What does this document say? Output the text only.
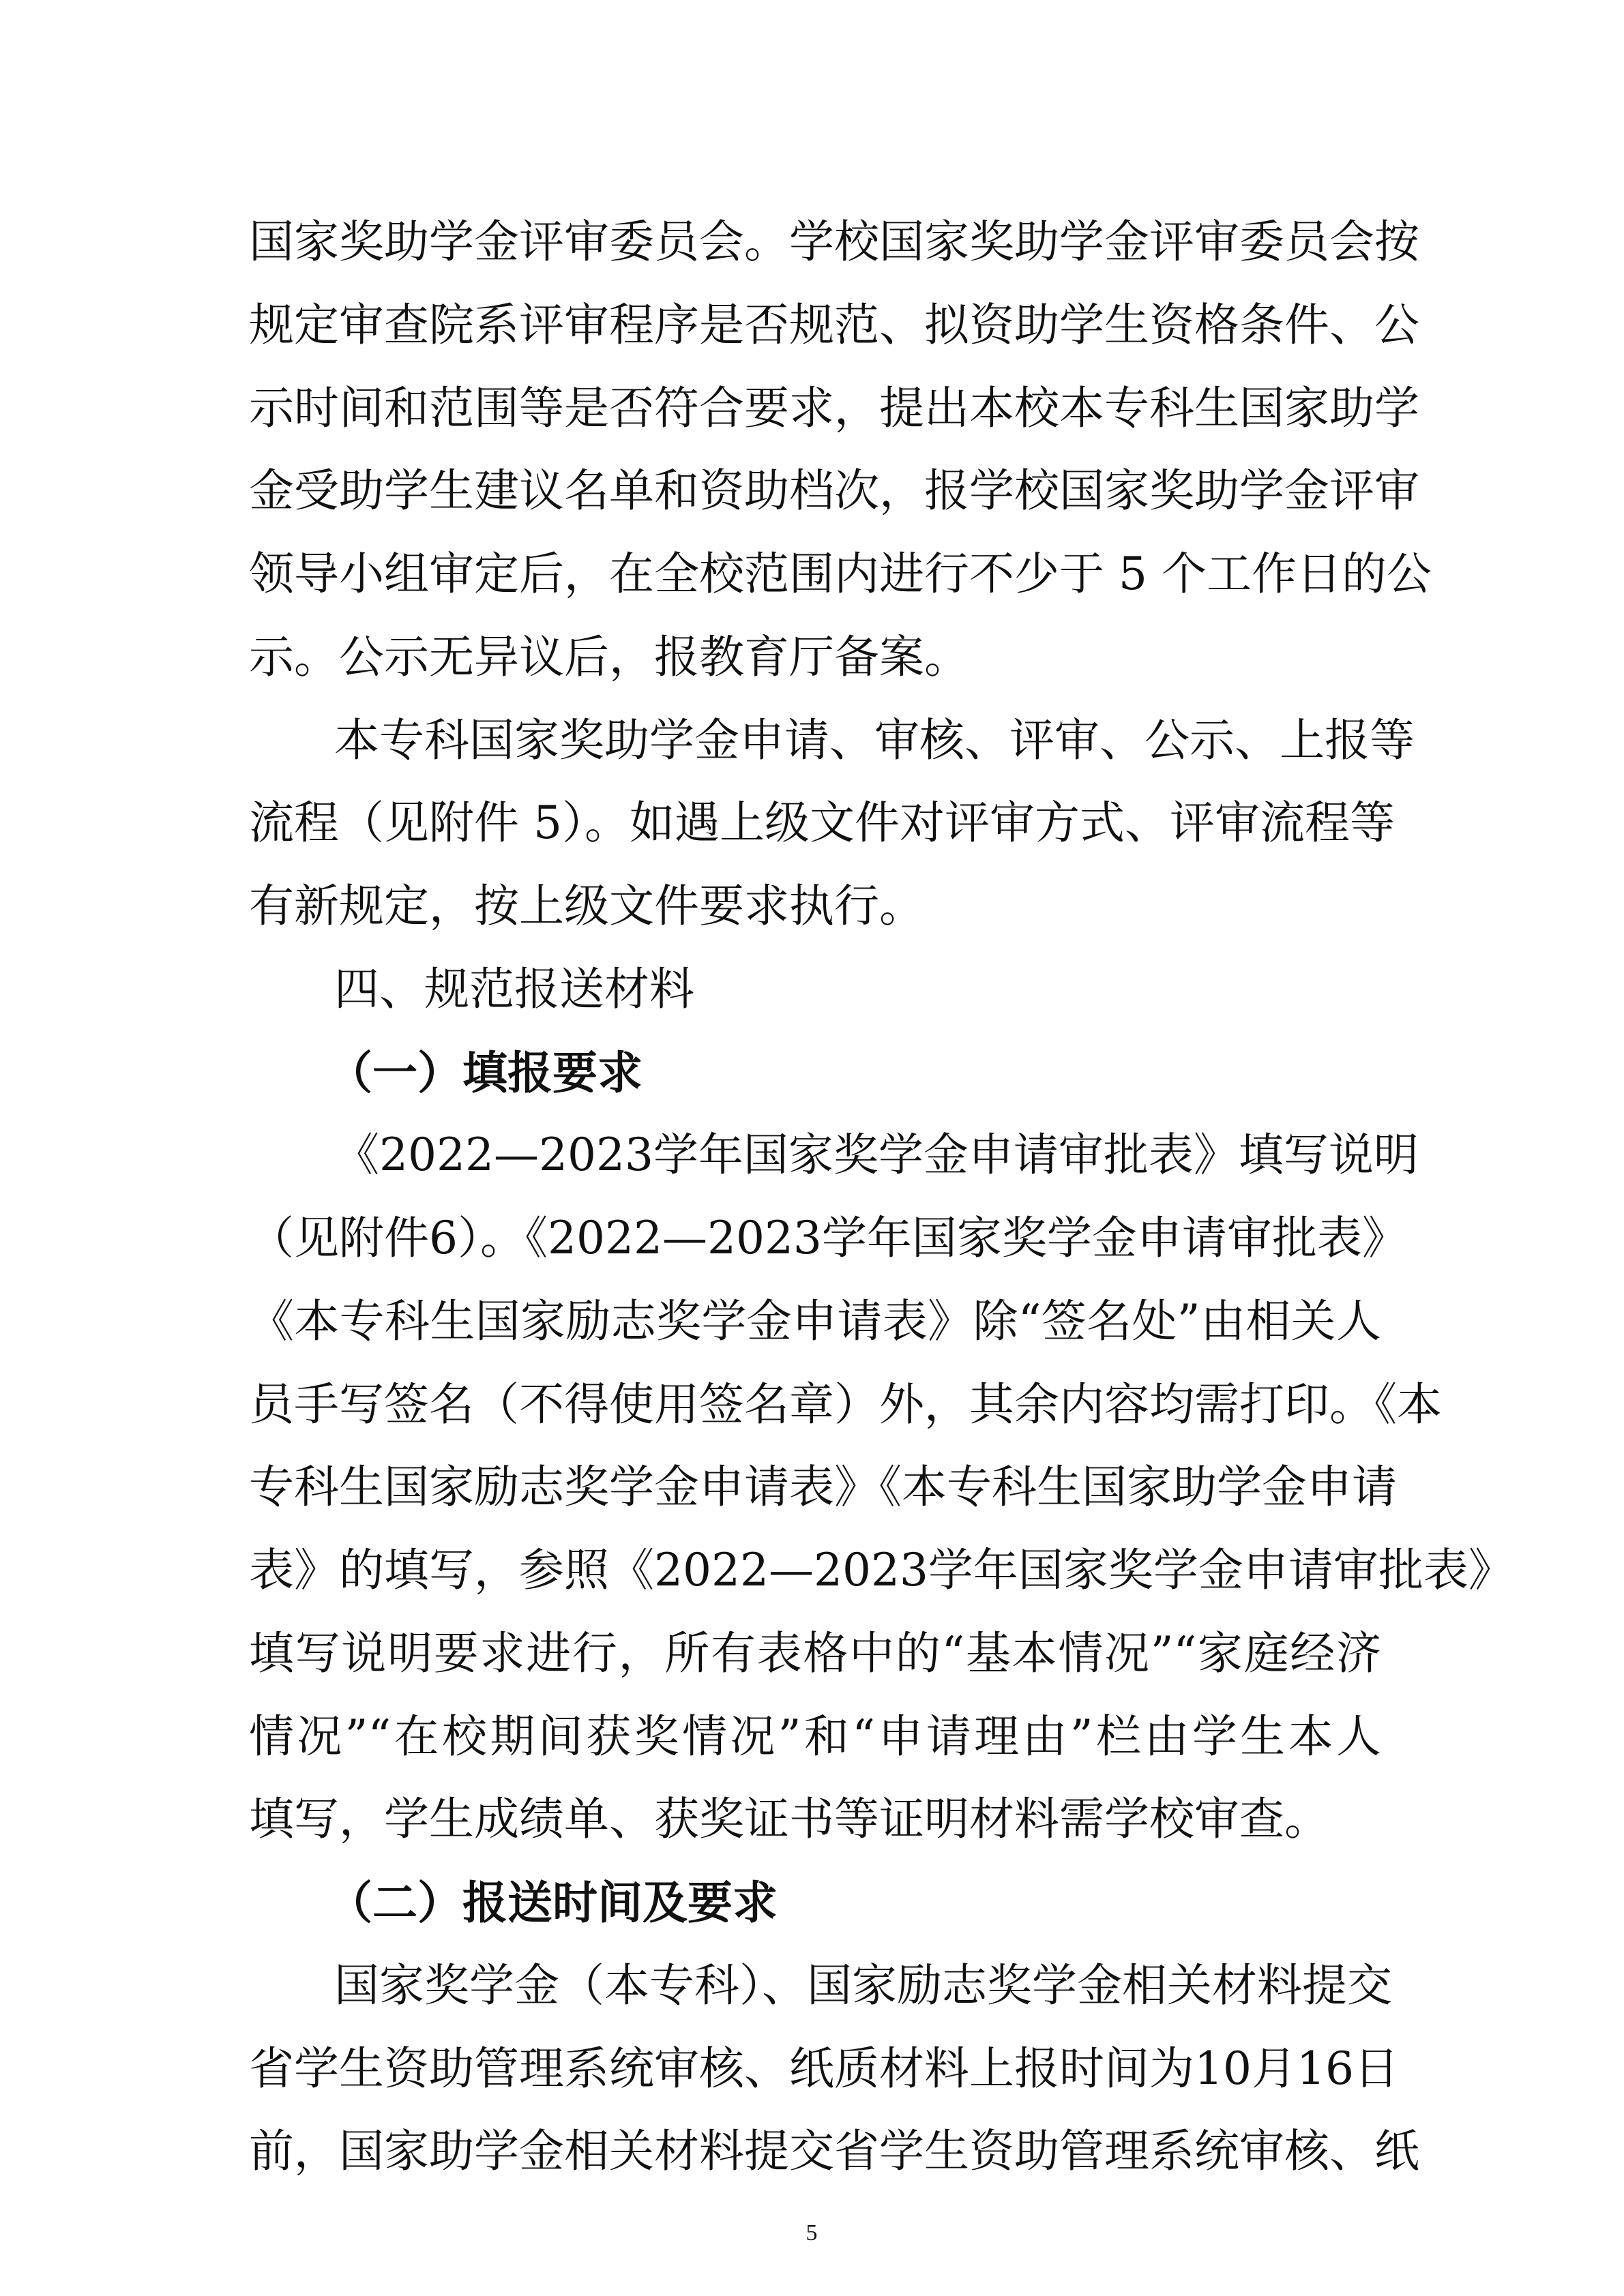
国家奖助学金评审委员会。学校国家奖助学金评审委员会按
规定审查院系评审程序是否规范、拟资助学生资格条件、公
示时间和范围等是否符合要求，提出本校本专科生国家助学
金受助学生建议名单和资助档次，报学校国家奖助学金评审
领导小组审定后，在全校范围内进行不少于 5 个工作日的公
示。公示无异议后，报教育厅备案。
本专科国家奖助学金申请、审核、评审、公示、上报等
流程（见附件 5）。如遇上级文件对评审方式、评审流程等
有新规定，按上级文件要求执行。
四、规范报送材料
（一）填报要求
《2022—2023学年国家奖学金申请审批表》填写说明
（见附件6）。《2022—2023学年国家奖学金申请审批表》
《本专科生国家励志奖学金申请表》除“签名处”由相关人
员手写签名（不得使用签名章）外，其余内容均需打印。《本
专科生国家励志奖学金申请表》《本专科生国家助学金申请
表》的填写，参照《2022—2023学年国家奖学金申请审批表》
填写说明要求进行，所有表格中的“基本情况”“家庭经济
情况”“在校期间获奖情况”和“申请理由”栏由学生本人
填写，学生成绩单、获奖证书等证明材料需学校审查。
（二）报送时间及要求
国家奖学金（本专科）、国家励志奖学金相关材料提交
省学生资助管理系统审核、纸质材料上报时间为10月16日
前，国家助学金相关材料提交省学生资助管理系统审核、纸
5
